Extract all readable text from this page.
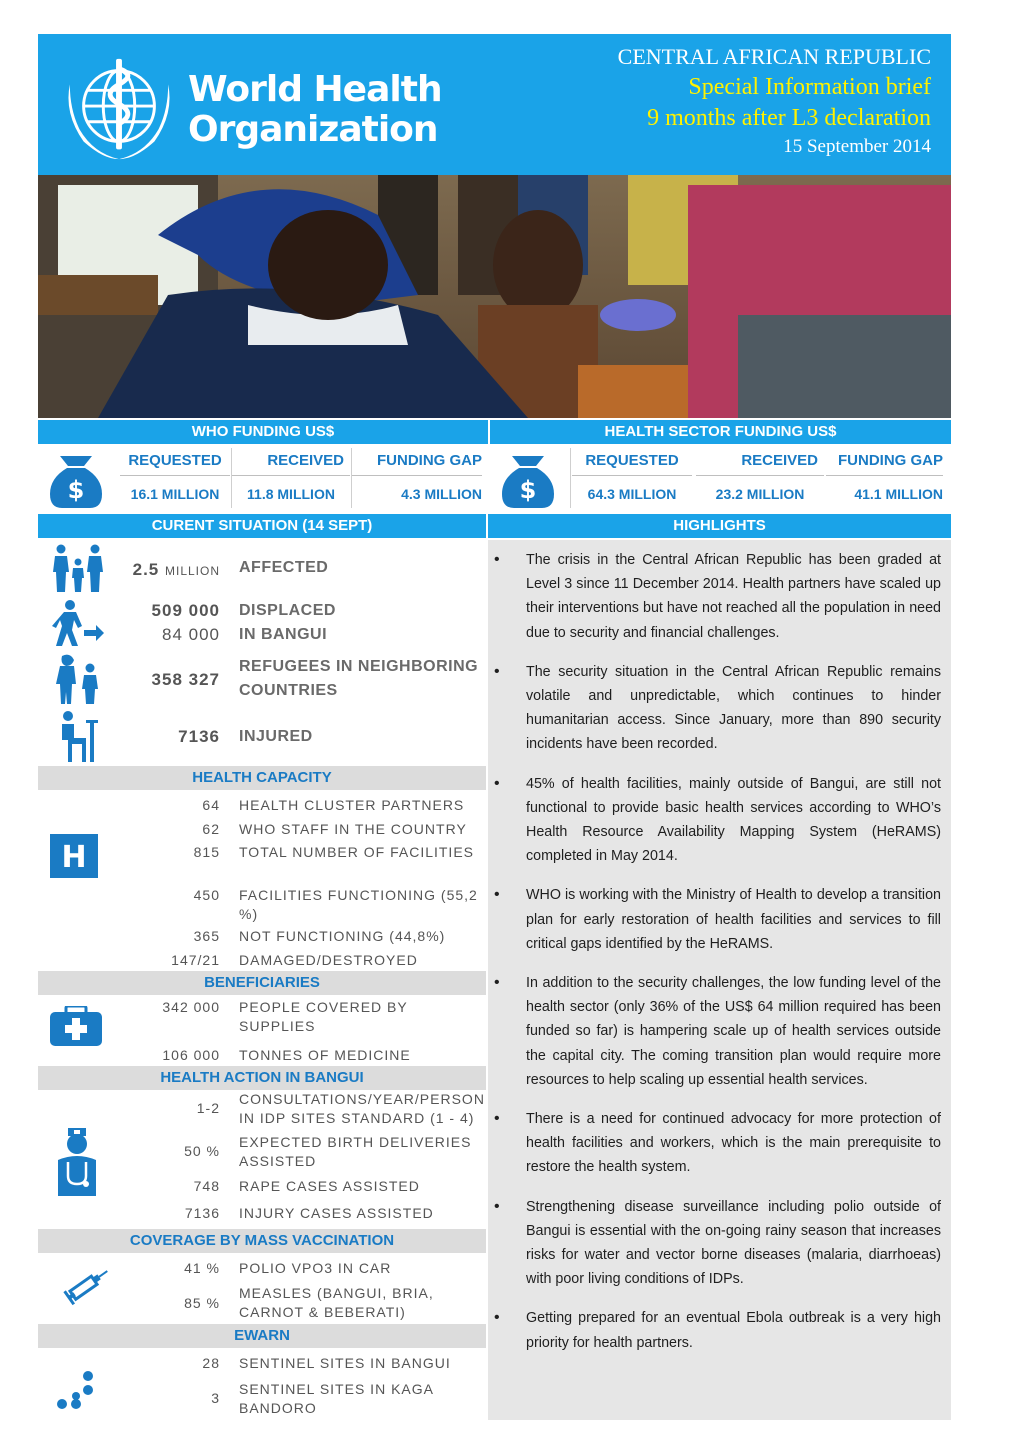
World Health
Organization
CENTRAL AFRICAN REPUBLIC
Special Information brief
9 months after L3 declaration
15 September 2014
WHO FUNDING US$	HEALTH SECTOR FUNDING US$
$
REQUESTED
16.1 MILLION
RECEIVED
11.8 MILLION
FUNDING GAP
4.3 MILLION $
REQUESTED
64.3 MILLION
RECEIVED
23.2 MILLION
FUNDING GAP
41.1 MILLION
CURENT SITUATION (14 SEPT)	HIGHLIGHTS
2.5 MILLION AFFECTED
509 000 DISPLACED
84 000 IN BANGUI
358 327
REFUGEES IN NEIGHBORING COUNTRIES
7136 INJURED
HEALTH CAPACITY
H
64 HEALTH CLUSTER PARTNERS
62 WHO STAFF IN THE COUNTRY
815 TOTAL NUMBER OF FACILITIES
450 FACILITIES FUNCTIONING (55,2 %)
365 NOT FUNCTIONING (44,8%)
147/21 DAMAGED/DESTROYED
BENEFICIARIES
342 000 PEOPLE COVERED BY SUPPLIES
106 000 TONNES OF MEDICINE
HEALTH ACTION IN BANGUI
1-2
CONSULTATIONS/YEAR/PERSON IN IDP SITES STANDARD (1 - 4)
50 %
EXPECTED BIRTH DELIVERIES ASSISTED
748 RAPE CASES ASSISTED
7136 INJURY CASES ASSISTED
COVERAGE BY MASS VACCINATION
41 % POLIO VPO3 IN CAR
85 %
MEASLES (BANGUI, BRIA, CARNOT & BEBERATI)
EWARN
28 SENTINEL SITES IN BANGUI
3
SENTINEL SITES IN KAGA BANDORO
• The crisis in the Central African Republic has been graded at Level 3 since 11 December 2014. Health partners have scaled up their interventions but have not reached all the population in need due to security and financial challenges.
• The security situation in the Central African Republic remains volatile and unpredictable, which continues to hinder humanitarian access. Since January, more than 890 security incidents have been recorded.
• 45% of health facilities, mainly outside of Bangui, are still not functional to provide basic health services according to WHO’s Health Resource Availability Mapping System (HeRAMS) completed in May 2014.
• WHO is working with the Ministry of Health to develop a transition plan for early restoration of health facilities and services to fill critical gaps identified by the HeRAMS.
• In addition to the security challenges, the low funding level of the health sector (only 36% of the US$ 64 million required has been funded so far) is hampering scale up of health services outside the capital city. The coming transition plan would require more resources to help scaling up essential health services.
• There is a need for continued advocacy for more protection of health facilities and workers, which is the main prerequisite to restore the health system.
• Strengthening disease surveillance including polio outside of Bangui is essential with the on-going rainy season that increases risks for water and vector borne diseases (malaria, diarrhoeas) with poor living conditions of IDPs.
• Getting prepared for an eventual Ebola outbreak is a very high priority for health partners.
